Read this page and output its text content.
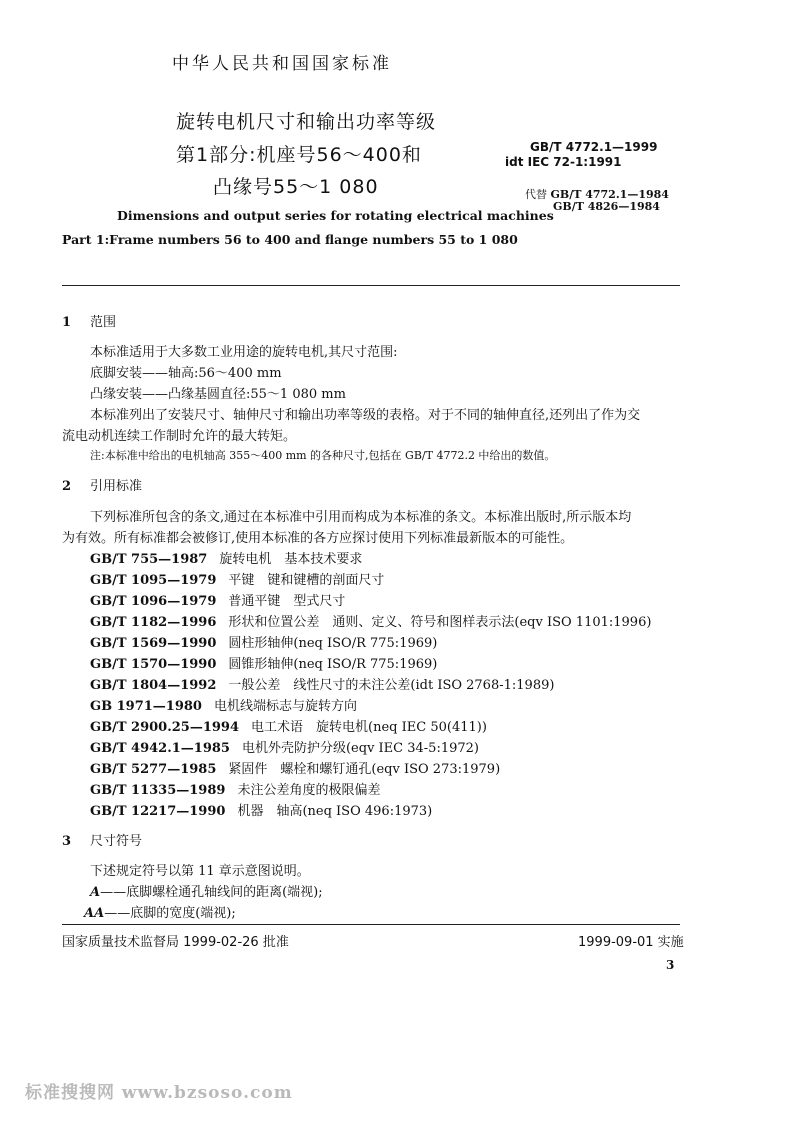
中华人民共和国国家标准
旋转电机尺寸和输出功率等级
第1部分:机座号56～400和
凸缘号55～1 080
GB/T 4772.1—1999
idt IEC 72-1:1991
代替 GB/T 4772.1—1984
GB/T 4826—1984
Dimensions and output series for rotating electrical machines
Part 1:Frame numbers 56 to 400 and flange numbers 55 to 1 080
1 范围
本标准适用于大多数工业用途的旋转电机,其尺寸范围:
底脚安装——轴高:56～400 mm
凸缘安装——凸缘基圆直径:55～1 080 mm
本标准列出了安装尺寸、轴伸尺寸和输出功率等级的表格。对于不同的轴伸直径,还列出了作为交
流电动机连续工作制时允许的最大转矩。
注:本标准中给出的电机轴高 355～400 mm 的各种尺寸,包括在 GB/T 4772.2 中给出的数值。
2 引用标准
下列标准所包含的条文,通过在本标准中引用而构成为本标准的条文。本标准出版时,所示版本均
为有效。所有标准都会被修订,使用本标准的各方应探讨使用下列标准最新版本的可能性。
GB/T 755—1987 旋转电机　基本技术要求
GB/T 1095—1979 平键　键和键槽的剖面尺寸
GB/T 1096—1979 普通平键　型式尺寸
GB/T 1182—1996 形状和位置公差　通则、定义、符号和图样表示法(eqv ISO 1101:1996)
GB/T 1569—1990 圆柱形轴伸(neq ISO/R 775:1969)
GB/T 1570—1990 圆锥形轴伸(neq ISO/R 775:1969)
GB/T 1804—1992 一般公差　线性尺寸的未注公差(idt ISO 2768-1:1989)
GB 1971—1980 电机线端标志与旋转方向
GB/T 2900.25—1994 电工术语　旋转电机(neq IEC 50(411))
GB/T 4942.1—1985 电机外壳防护分级(eqv IEC 34-5:1972)
GB/T 5277—1985 紧固件　螺栓和螺钉通孔(eqv ISO 273:1979)
GB/T 11335—1989 未注公差角度的极限偏差
GB/T 12217—1990 机器　轴高(neq ISO 496:1973)
3 尺寸符号
下述规定符号以第 11 章示意图说明。
A——底脚螺栓通孔轴线间的距离(端视);
AA——底脚的宽度(端视);
国家质量技术监督局 1999-02-26 批准	1999-09-01 实施
3
标准搜搜网 www.bzsoso.com
